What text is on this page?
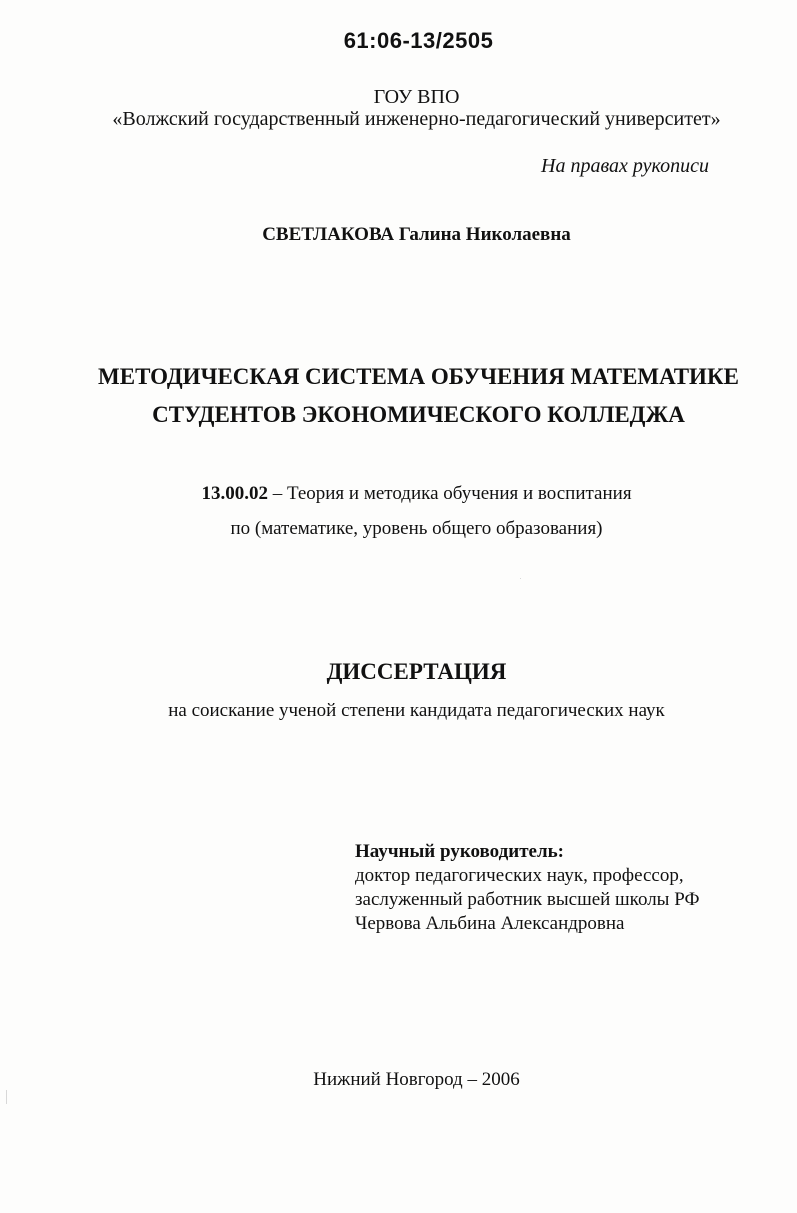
61:06-13/2505
ГОУ ВПО
«Волжский государственный инженерно-педагогический университет»
На правах рукописи
СВЕТЛАКОВА Галина Николаевна
МЕТОДИЧЕСКАЯ СИСТЕМА ОБУЧЕНИЯ МАТЕМАТИКЕ
СТУДЕНТОВ ЭКОНОМИЧЕСКОГО КОЛЛЕДЖА
13.00.02 – Теория и методика обучения и воспитания
по (математике, уровень общего образования)
ДИССЕРТАЦИЯ
на соискание ученой степени кандидата педагогических наук
Научный руководитель:
доктор педагогических наук, профессор,
заслуженный работник высшей школы РФ
Червова Альбина Александровна
Нижний Новгород – 2006
